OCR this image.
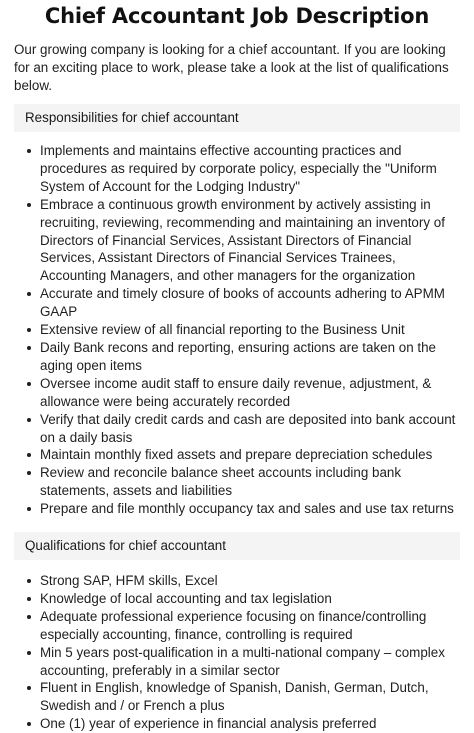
Chief Accountant Job Description

Our growing company is looking for a chief accountant. If you are looking for an exciting place to work, please take a look at the list of qualifications below.

Responsibilities for chief accountant
Implements and maintains effective accounting practices and procedures as required by corporate policy, especially the "Uniform System of Account for the Lodging Industry"
Embrace a continuous growth environment by actively assisting in recruiting, reviewing, recommending and maintaining an inventory of Directors of Financial Services, Assistant Directors of Financial Services, Assistant Directors of Financial Services Trainees, Accounting Managers, and other managers for the organization
Accurate and timely closure of books of accounts adhering to APMM GAAP
Extensive review of all financial reporting to the Business Unit
Daily Bank recons and reporting, ensuring actions are taken on the aging open items
Oversee income audit staff to ensure daily revenue, adjustment, & allowance were being accurately recorded
Verify that daily credit cards and cash are deposited into bank account on a daily basis
Maintain monthly fixed assets and prepare depreciation schedules
Review and reconcile balance sheet accounts including bank statements, assets and liabilities
Prepare and file monthly occupancy tax and sales and use tax returns
Qualifications for chief accountant
Strong SAP, HFM skills, Excel
Knowledge of local accounting and tax legislation
Adequate professional experience focusing on finance/controlling especially accounting, finance, controlling is required
Min 5 years post-qualification in a multi-national company – complex accounting, preferably in a similar sector
Fluent in English, knowledge of Spanish, Danish, German, Dutch, Swedish and / or French a plus
One (1) year of experience in financial analysis preferred
